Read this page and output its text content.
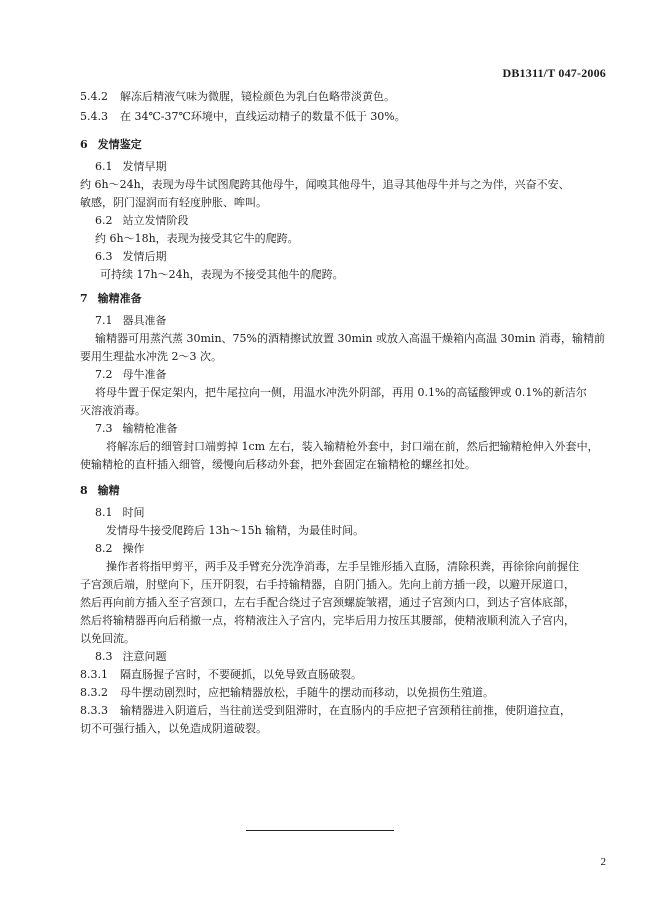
DB1311/T 047-2006
5.4.2 解冻后精液气味为微腥，镜检颜色为乳白色略带淡黄色。
5.4.3 在 34℃-37℃环境中，直线运动精子的数量不低于 30%。
6 发情鉴定
6.1 发情早期
约 6h～24h，表现为母牛试图爬跨其他母牛，闻嗅其他母牛，追寻其他母牛并与之为伴，兴奋不安、
敏感，阴门湿润而有轻度肿胀、哞叫。
6.2 站立发情阶段
约 6h～18h，表现为接受其它牛的爬跨。
6.3 发情后期
可持续 17h～24h，表现为不接受其他牛的爬跨。
7 输精准备
7.1 器具准备
输精器可用蒸汽蒸 30min、75%的酒精擦试放置 30min 或放入高温干燥箱内高温 30min 消毒，输精前
要用生理盐水冲洗 2～3 次。
7.2 母牛准备
将母牛置于保定架内，把牛尾拉向一侧，用温水冲洗外阴部，再用 0.1%的高锰酸钾或 0.1%的新洁尔
灭溶液消毒。
7.3 输精枪准备
将解冻后的细管封口端剪掉 1cm 左右，装入输精枪外套中，封口端在前，然后把输精枪伸入外套中，
使输精枪的直杆插入细管，缓慢向后移动外套，把外套固定在输精枪的螺丝扣处。
8 输精
8.1 时间
发情母牛接受爬跨后 13h～15h 输精，为最佳时间。
8.2 操作
操作者将指甲剪平，两手及手臂充分洗净消毒，左手呈锥形插入直肠，清除积粪，再徐徐向前握住
子宫颈后端，肘壁向下，压开阴裂，右手持输精器，自阴门插入。先向上前方插一段，以避开尿道口，
然后再向前方插入至子宫颈口，左右手配合绕过子宫颈螺旋皱褶，通过子宫颈内口，到达子宫体底部，
然后将输精器再向后稍撤一点，将精液注入子宫内，完毕后用力按压其腰部，使精液顺利流入子宫内，
以免回流。
8.3 注意问题
8.3.1 隔直肠握子宫时，不要硬抓，以免导致直肠破裂。
8.3.2 母牛摆动剧烈时，应把输精器放松，手随牛的摆动而移动，以免损伤生殖道。
8.3.3 输精器进入阴道后，当往前送受到阻滞时，在直肠内的手应把子宫颈稍往前推，使阴道拉直，
切不可强行插入，以免造成阴道破裂。
2
